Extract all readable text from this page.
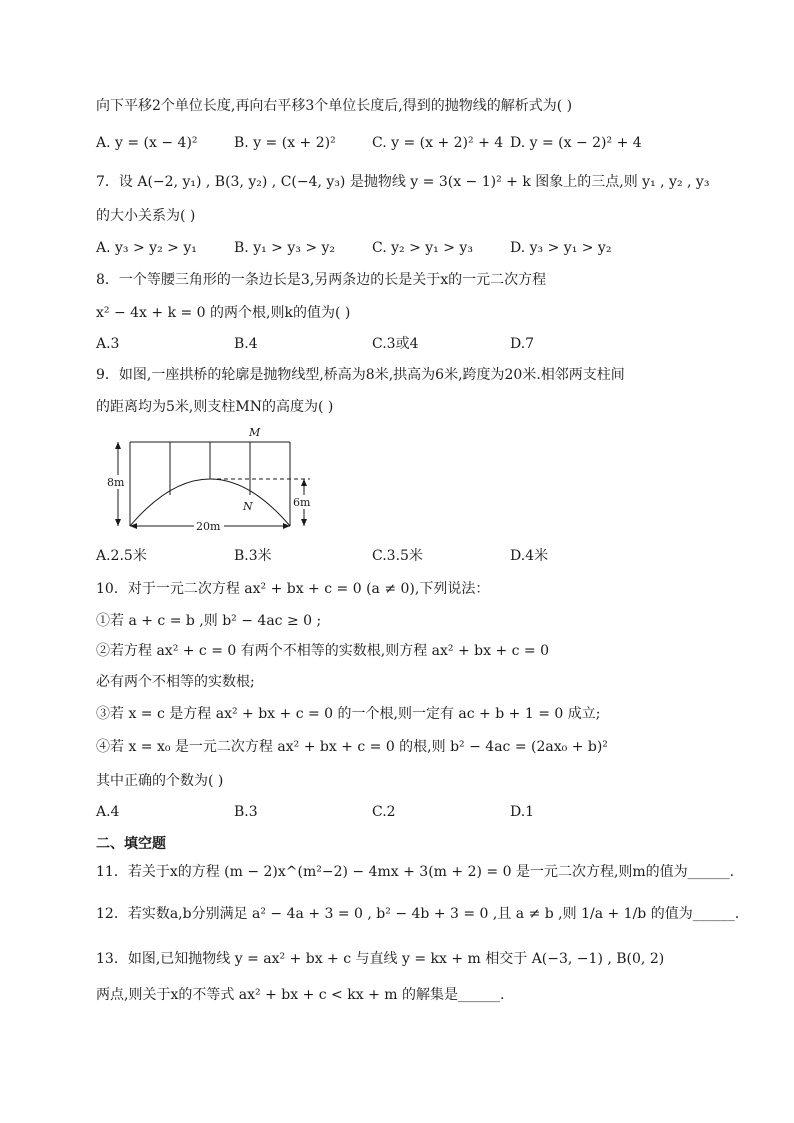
向下平移2个单位长度,再向右平移3个单位长度后,得到的抛物线的解析式为( )
A. y = (x − 4)²	B. y = (x + 2)²	C. y = (x + 2)² + 4 D. y = (x − 2)² + 4
7．设 A(−2, y₁) , B(3, y₂) , C(−4, y₃) 是抛物线 y = 3(x − 1)² + k 图象上的三点,则 y₁ , y₂ , y₃
的大小关系为( )
A. y₃ > y₂ > y₁	B. y₁ > y₃ > y₂	C. y₂ > y₁ > y₃	D. y₃ > y₁ > y₂
8．一个等腰三角形的一条边长是3,另两条边的长是关于x的一元二次方程
x² − 4x + k = 0 的两个根,则k的值为( )
A.3	B.4	C.3或4	D.7
9．如图,一座拱桥的轮廓是抛物线型,桥高为8米,拱高为6米,跨度为20米.相邻两支柱间
的距离均为5米,则支柱MN的高度为( )
8m
6m
20m
M
N
A.2.5米	B.3米	C.3.5米	D.4米
10．对于一元二次方程 ax² + bx + c = 0 (a ≠ 0),下列说法：
①若 a + c = b ,则 b² − 4ac ≥ 0 ;
②若方程 ax² + c = 0 有两个不相等的实数根,则方程 ax² + bx + c = 0
必有两个不相等的实数根;
③若 x = c 是方程 ax² + bx + c = 0 的一个根,则一定有 ac + b + 1 = 0 成立;
④若 x = x₀ 是一元二次方程 ax² + bx + c = 0 的根,则 b² − 4ac = (2ax₀ + b)²
其中正确的个数为( )
A.4	B.3	C.2	D.1
二、填空题
11．若关于x的方程 (m − 2)x^(m²−2) − 4mx + 3(m + 2) = 0 是一元二次方程,则m的值为______.
12．若实数a,b分别满足 a² − 4a + 3 = 0 , b² − 4b + 3 = 0 ,且 a ≠ b ,则 1/a + 1/b 的值为______.
13．如图,已知抛物线 y = ax² + bx + c 与直线 y = kx + m 相交于 A(−3, −1) , B(0, 2)
两点,则关于x的不等式 ax² + bx + c < kx + m 的解集是______.
